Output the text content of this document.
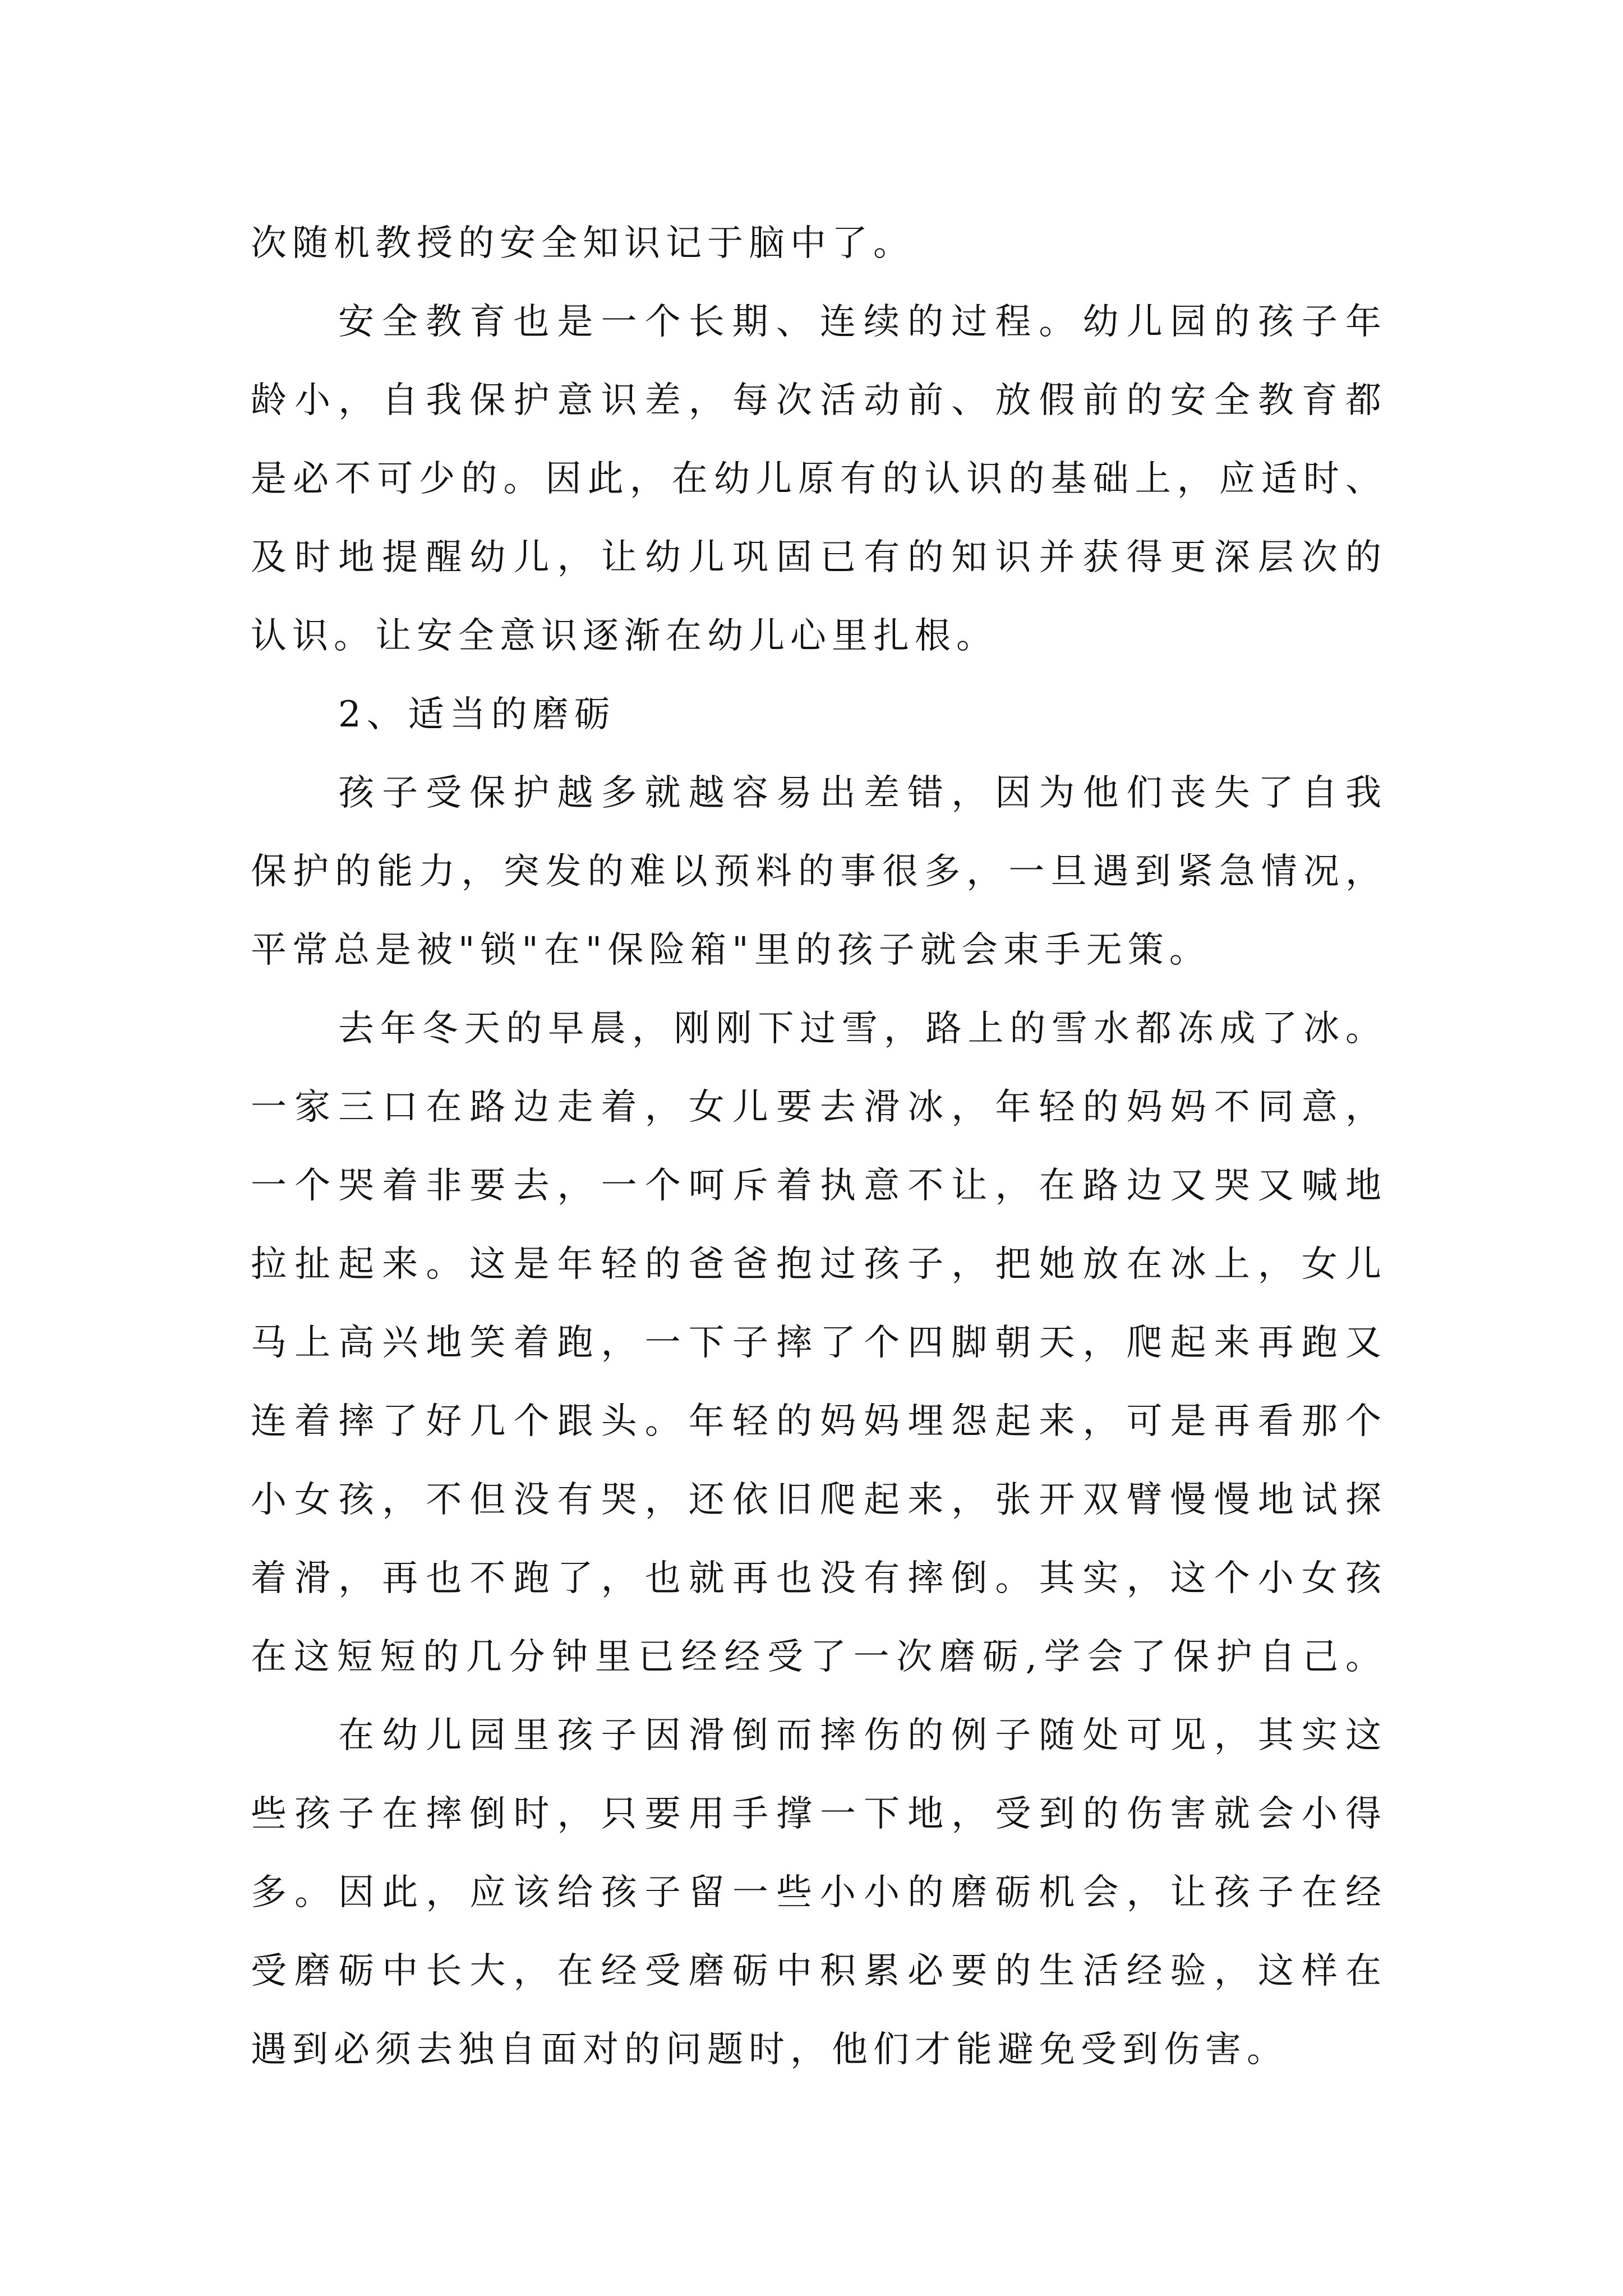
次随机教授的安全知识记于脑中了。
安全教育也是一个长期、连续的过程。幼儿园的孩子年
龄小，自我保护意识差，每次活动前、放假前的安全教育都
是必不可少的。因此，在幼儿原有的认识的基础上，应适时、
及时地提醒幼儿，让幼儿巩固已有的知识并获得更深层次的
认识。让安全意识逐渐在幼儿心里扎根。
2、适当的磨砺
孩子受保护越多就越容易出差错，因为他们丧失了自我
保护的能力，突发的难以预料的事很多，一旦遇到紧急情况，
平常总是被"锁"在"保险箱"里的孩子就会束手无策。
去年冬天的早晨，刚刚下过雪，路上的雪水都冻成了冰。
一家三口在路边走着，女儿要去滑冰，年轻的妈妈不同意，
一个哭着非要去，一个呵斥着执意不让，在路边又哭又喊地
拉扯起来。这是年轻的爸爸抱过孩子，把她放在冰上，女儿
马上高兴地笑着跑，一下子摔了个四脚朝天，爬起来再跑又
连着摔了好几个跟头。年轻的妈妈埋怨起来，可是再看那个
小女孩，不但没有哭，还依旧爬起来，张开双臂慢慢地试探
着滑，再也不跑了，也就再也没有摔倒。其实，这个小女孩
在这短短的几分钟里已经经受了一次磨砺,学会了保护自己。
在幼儿园里孩子因滑倒而摔伤的例子随处可见，其实这
些孩子在摔倒时，只要用手撑一下地，受到的伤害就会小得
多。因此，应该给孩子留一些小小的磨砺机会，让孩子在经
受磨砺中长大，在经受磨砺中积累必要的生活经验，这样在
遇到必须去独自面对的问题时，他们才能避免受到伤害。
